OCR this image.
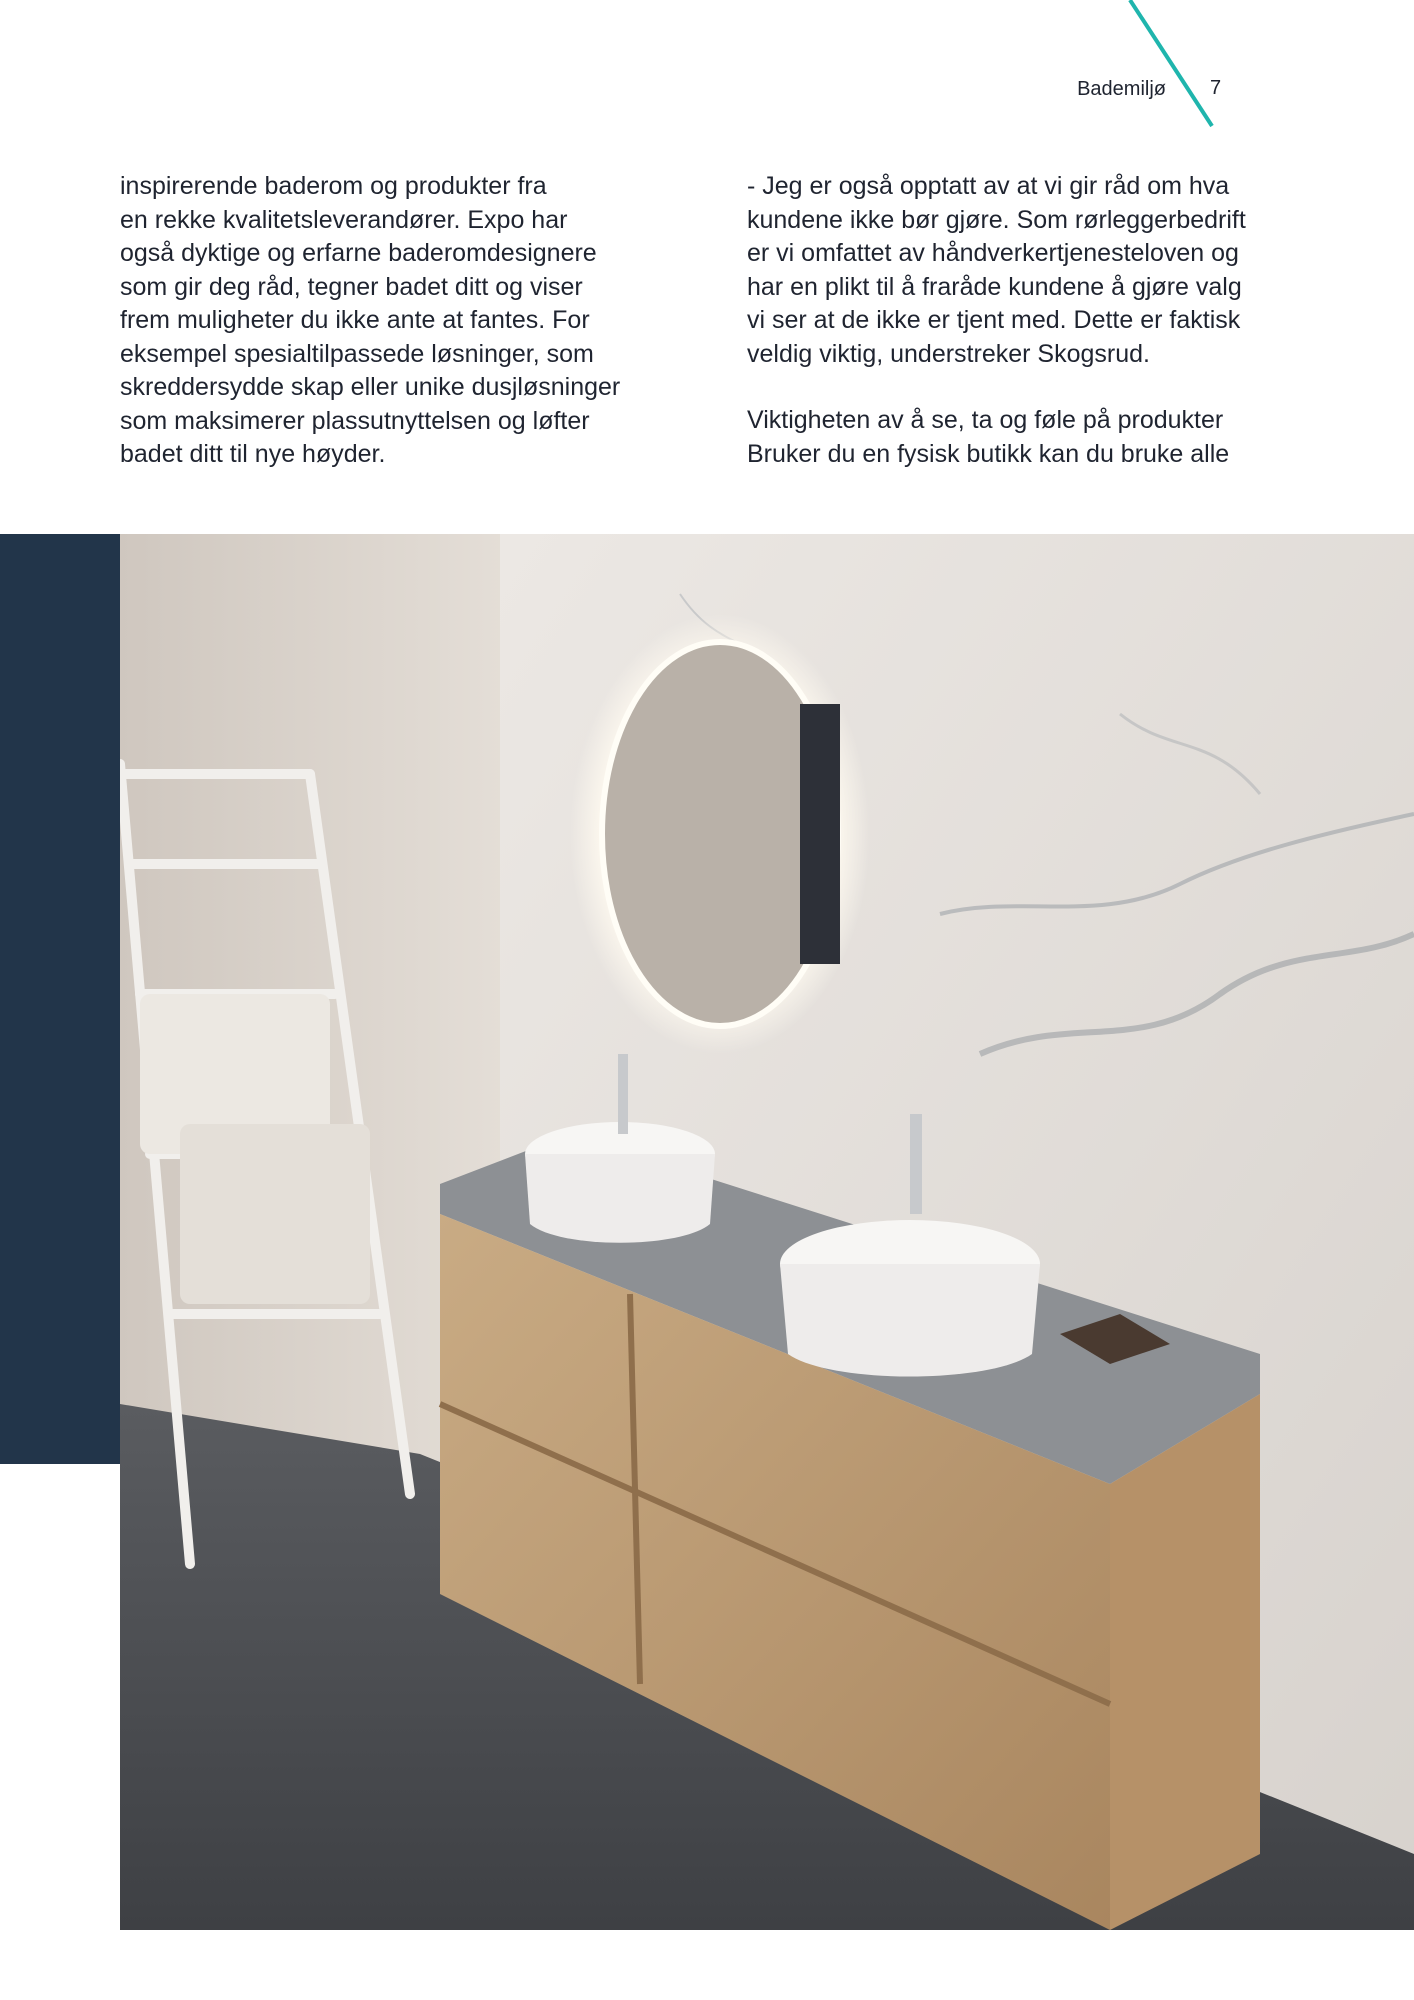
Bademiljø 7

inspirerende baderom og produkter fra
en rekke kvalitetsleverandører. Expo har
også dyktige og erfarne baderomdesignere
som gir deg råd, tegner badet ditt og viser
frem muligheter du ikke ante at fantes. For
eksempel spesialtilpassede løsninger, som
skreddersydde skap eller unike dusjløsninger
som maksimerer plassutnyttelsen og løfter
badet ditt til nye høyder.

- Jeg er også opptatt av at vi gir råd om hva
kundene ikke bør gjøre. Som rørleggerbedrift
er vi omfattet av håndverkertjenesteloven og
har en plikt til å fraråde kundene å gjøre valg
vi ser at de ikke er tjent med. Dette er faktisk
veldig viktig, understreker Skogsrud.

Viktigheten av å se, ta og føle på produkter
Bruker du en fysisk butikk kan du bruke alle
